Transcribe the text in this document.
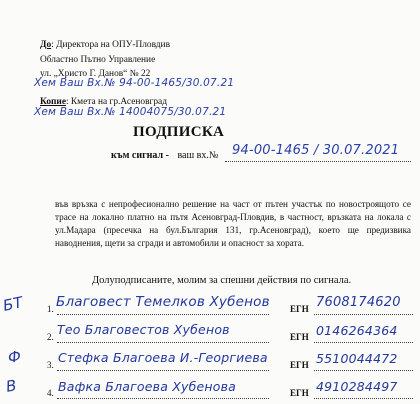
До: Директора на ОПУ-Пловдив
Областно Пътно Управление
ул. „Христо Г. Данов“ № 22
Хем Ваш Вх.№ 94-00-1465/30.07.21
Копие: Кмета на гр.Асеновград
Хем Ваш Вх.№ 14004075/30.07.21
ПОДПИСКА
към сигнал - ваш вх.№ 94-00-1465 / 30.07.2021
във връзка с непрофесионално решение на част от пътен участък по новостроящото се трасе на локално платно на пътя Асеновград-Пловдив, в частност, връзката на локала с ул.Мадара (пресечка на бул.България 131, гр.Асеновград), което ще предизвика наводнения, щети за сгради и автомобили и опасност за хората.
Долуподписаните, молим за спешни действия по сигнала.
БТ 1. Благовест Темелков Хубенов ЕГН 7608174620
2. Тео Благовестов Хубенов	ЕГН 0146264364
Ф	3. Стефка Благоева И.-Георгиева ЕГН 5510044472
В	4. Вафка Благоева Хубенова	ЕГН 4910284497
